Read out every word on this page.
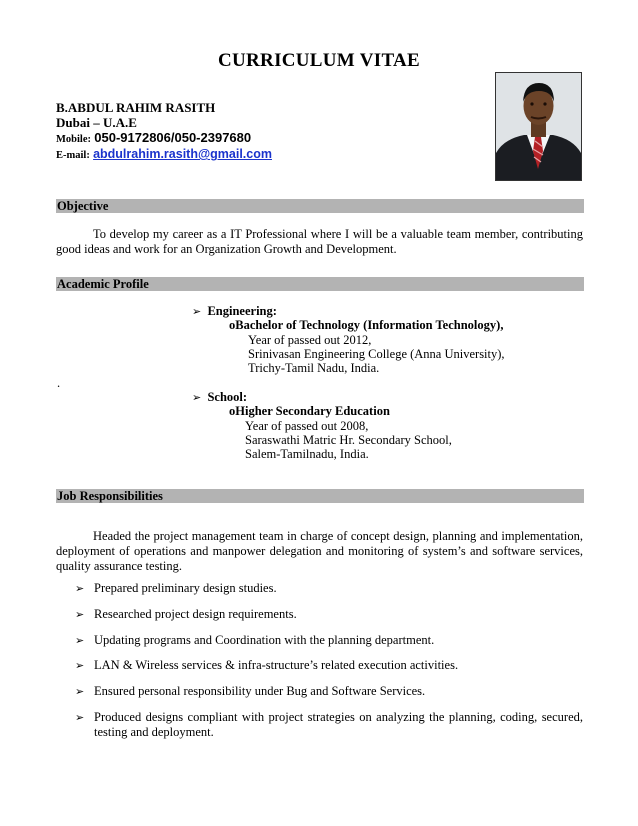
CURRICULUM VITAE
B.ABDUL RAHIM RASITH
Dubai – U.A.E
Mobile: 050-9172806/050-2397680
E-mail: abdulrahim.rasith@gmail.com
Objective
To develop my career as a IT Professional where I will be a valuable team member, contributing good ideas and work for an Organization Growth and Development.
Academic Profile
➢ Engineering:
oBachelor of Technology (Information Technology),
Year of passed out 2012,
Srinivasan Engineering College (Anna University),
Trichy-Tamil Nadu, India.
.
➢ School:
oHigher Secondary Education
Year of passed out 2008,
Saraswathi Matric Hr. Secondary School,
Salem-Tamilnadu, India.
Job Responsibilities
Headed the project management team in charge of concept design, planning and implementation, deployment of operations and manpower delegation and monitoring of system’s and software services, quality assurance testing.
➢ Prepared preliminary design studies.
➢ Researched project design requirements.
➢ Updating programs and Coordination with the planning department.
➢ LAN & Wireless services & infra-structure’s related execution activities.
➢ Ensured personal responsibility under Bug and Software Services.
➢ Produced designs compliant with project strategies on analyzing the planning, coding, secured, testing and deployment.
